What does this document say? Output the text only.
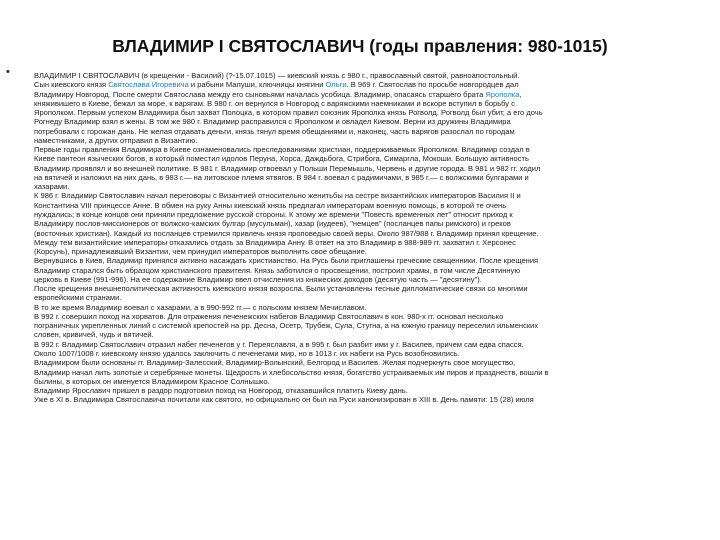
ВЛАДИМИР I СВЯТОСЛАВИЧ (годы правления: 980-1015)
•	ВЛАДИМИР I СВЯТОСЛАВИЧ (в крещении - Василий) (?-15.07.1015) — киевский князь с 980 г., православный святой, равноапостольный.
Сын киевского князя Святослава Игоревича и рабыни Малуши, ключницы княгини Ольги. В 969 г. Святослав по просьбе новгородцев дал
Владимиру Новгород. После смерти Святослава между его сыновьями началась усобица. Владимир, опасаясь старшего брата Ярополка,
княживишего в Киеве, бежал за море, к варягам. В 980 г. он вернулся в Новгород с варяжскими наемниками и вскоре вступил в борьбу с
Ярополком. Первым успехом Владимира был захват Полоцка, в котором правил союзник Ярополка князь Рогволд. Рогволд был убит, а его дочь
Рогнеду Владимир взял в жены. В том же 980 г. Владимир расправился с Ярополком и овладел Киевом. Верни из дружины Владимира
потребовали с горожан дань. Не желая отдавать деньги, князь тянул время обещаниями и, наконец, часть варягов разослал по городам
наместниками, а других отправил в Византию.
Первые годы правления Владимира в Киеве ознаменовались преследованиями христиан, поддерживаемых Ярополком. Владимир создал в
Киеве пантеон языческих богов, в который поместил идолов Перуна, Хорса, Даждьбога, Стрибога, Симаргла, Мокоши. Большую активность
Владимир проявлял и во внешней политике. В 981 г. Владимир отвоевал у Польши Перемышль, Червень и другие города. В 981 и 982 гг. ходил
на вятичей и наложил на них дань, в 983 г.— на литовское племя ятвягов. В 984 г. воевал с радимичами, в 985 г.— с волжскими булгарами и
хазарами.
К 986 г. Владимир Святославич начал переговоры с Византией относительно женитьбы на сестре византийских императоров Василия II и
Константина VIII принцессе Анне. В обмен на руку Анны киевский князь предлагал императорам военную помощь, в которой те очень
нуждались; в конце концов они приняли предложение русской стороны. К этому же времени "Повесть временных лет" относит приход к
Владимиру послов-миссионеров от волжско-камских булгар (мусульман), хазар (иудеев), "немцев" (посланцев папы римского) и греков
(восточных христиан). Каждый из посланцев стремился привлечь князя проповедью своей веры. Около 987/988 г. Владимир принял крещение.
Между тем византийские императоры отказались отдать за Владимира Анну. В ответ на это Владимир в 988-989 гг. захватил г. Херсонес
(Корсунь), принадлежавший Византии, чем принудил императоров выполнить свое обещание.
Вернувшись в Киев, Владимир принялся активно насаждать христианство. На Русь были приглашены греческие священники. После крещения
Владимир старался быть образцом христианского правителя. Князь заботился о просвещении, построил храмы, в том числе Десятинную
церковь в Киеве (991-996). На ее содержание Владимир ввел отчисления из княжеских доходов (десятую часть — "десятину").
После крещения внешнеполитическая активность киевского князя возросла. Были установлены тесные дипломатические связи со многими
европейскими странами.
В то же время Владимир воевал с хазарами, а в 990-992 гг.— с польским князем Мечиславом.
В 992 г. совершил поход на хорватов. Для отражения печенежских набегов Владимир Святославич в кон. 980-х гг. основал несколько
пограничных укрепленных линий с системой крепостей на рр. Десна, Осетр, Трубеж, Сула, Стугна, а на южную границу переселил ильменских
словен, кривичей, чудь и вятичей.
В 992 г. Владимир Святославич отразил набег печенегов у г. Переяславля, а в 995 г. был разбит ими у г. Василев, причем сам едва спасся.
Около 1007/1008 г. киевскому князю удалось заключить с печенегами мир, но в 1013 г. их набеги на Русь возобновились.
Владимиром были основаны гг. Владимир-Залесский, Владимир-Волынский, Белгород и Василев. Желая подчеркнуть свое могущество,
Владимир начал лить золотые и серебряные монеты. Щедрость и хлебосольство князя, богатство устраиваемых им пиров и празднеств, вошли в
былины, в которых он именуется Владимиром Красное Солнышко.
Владимир Ярославич пришел в раздор подготовил поход на Новгород, отказавшийся платить Киеву дань.
Уже в XI в. Владимира Святославича почитали как святого, но официально он был на Руси канонизирован в XIII в. День памяти: 15 (28) июля
